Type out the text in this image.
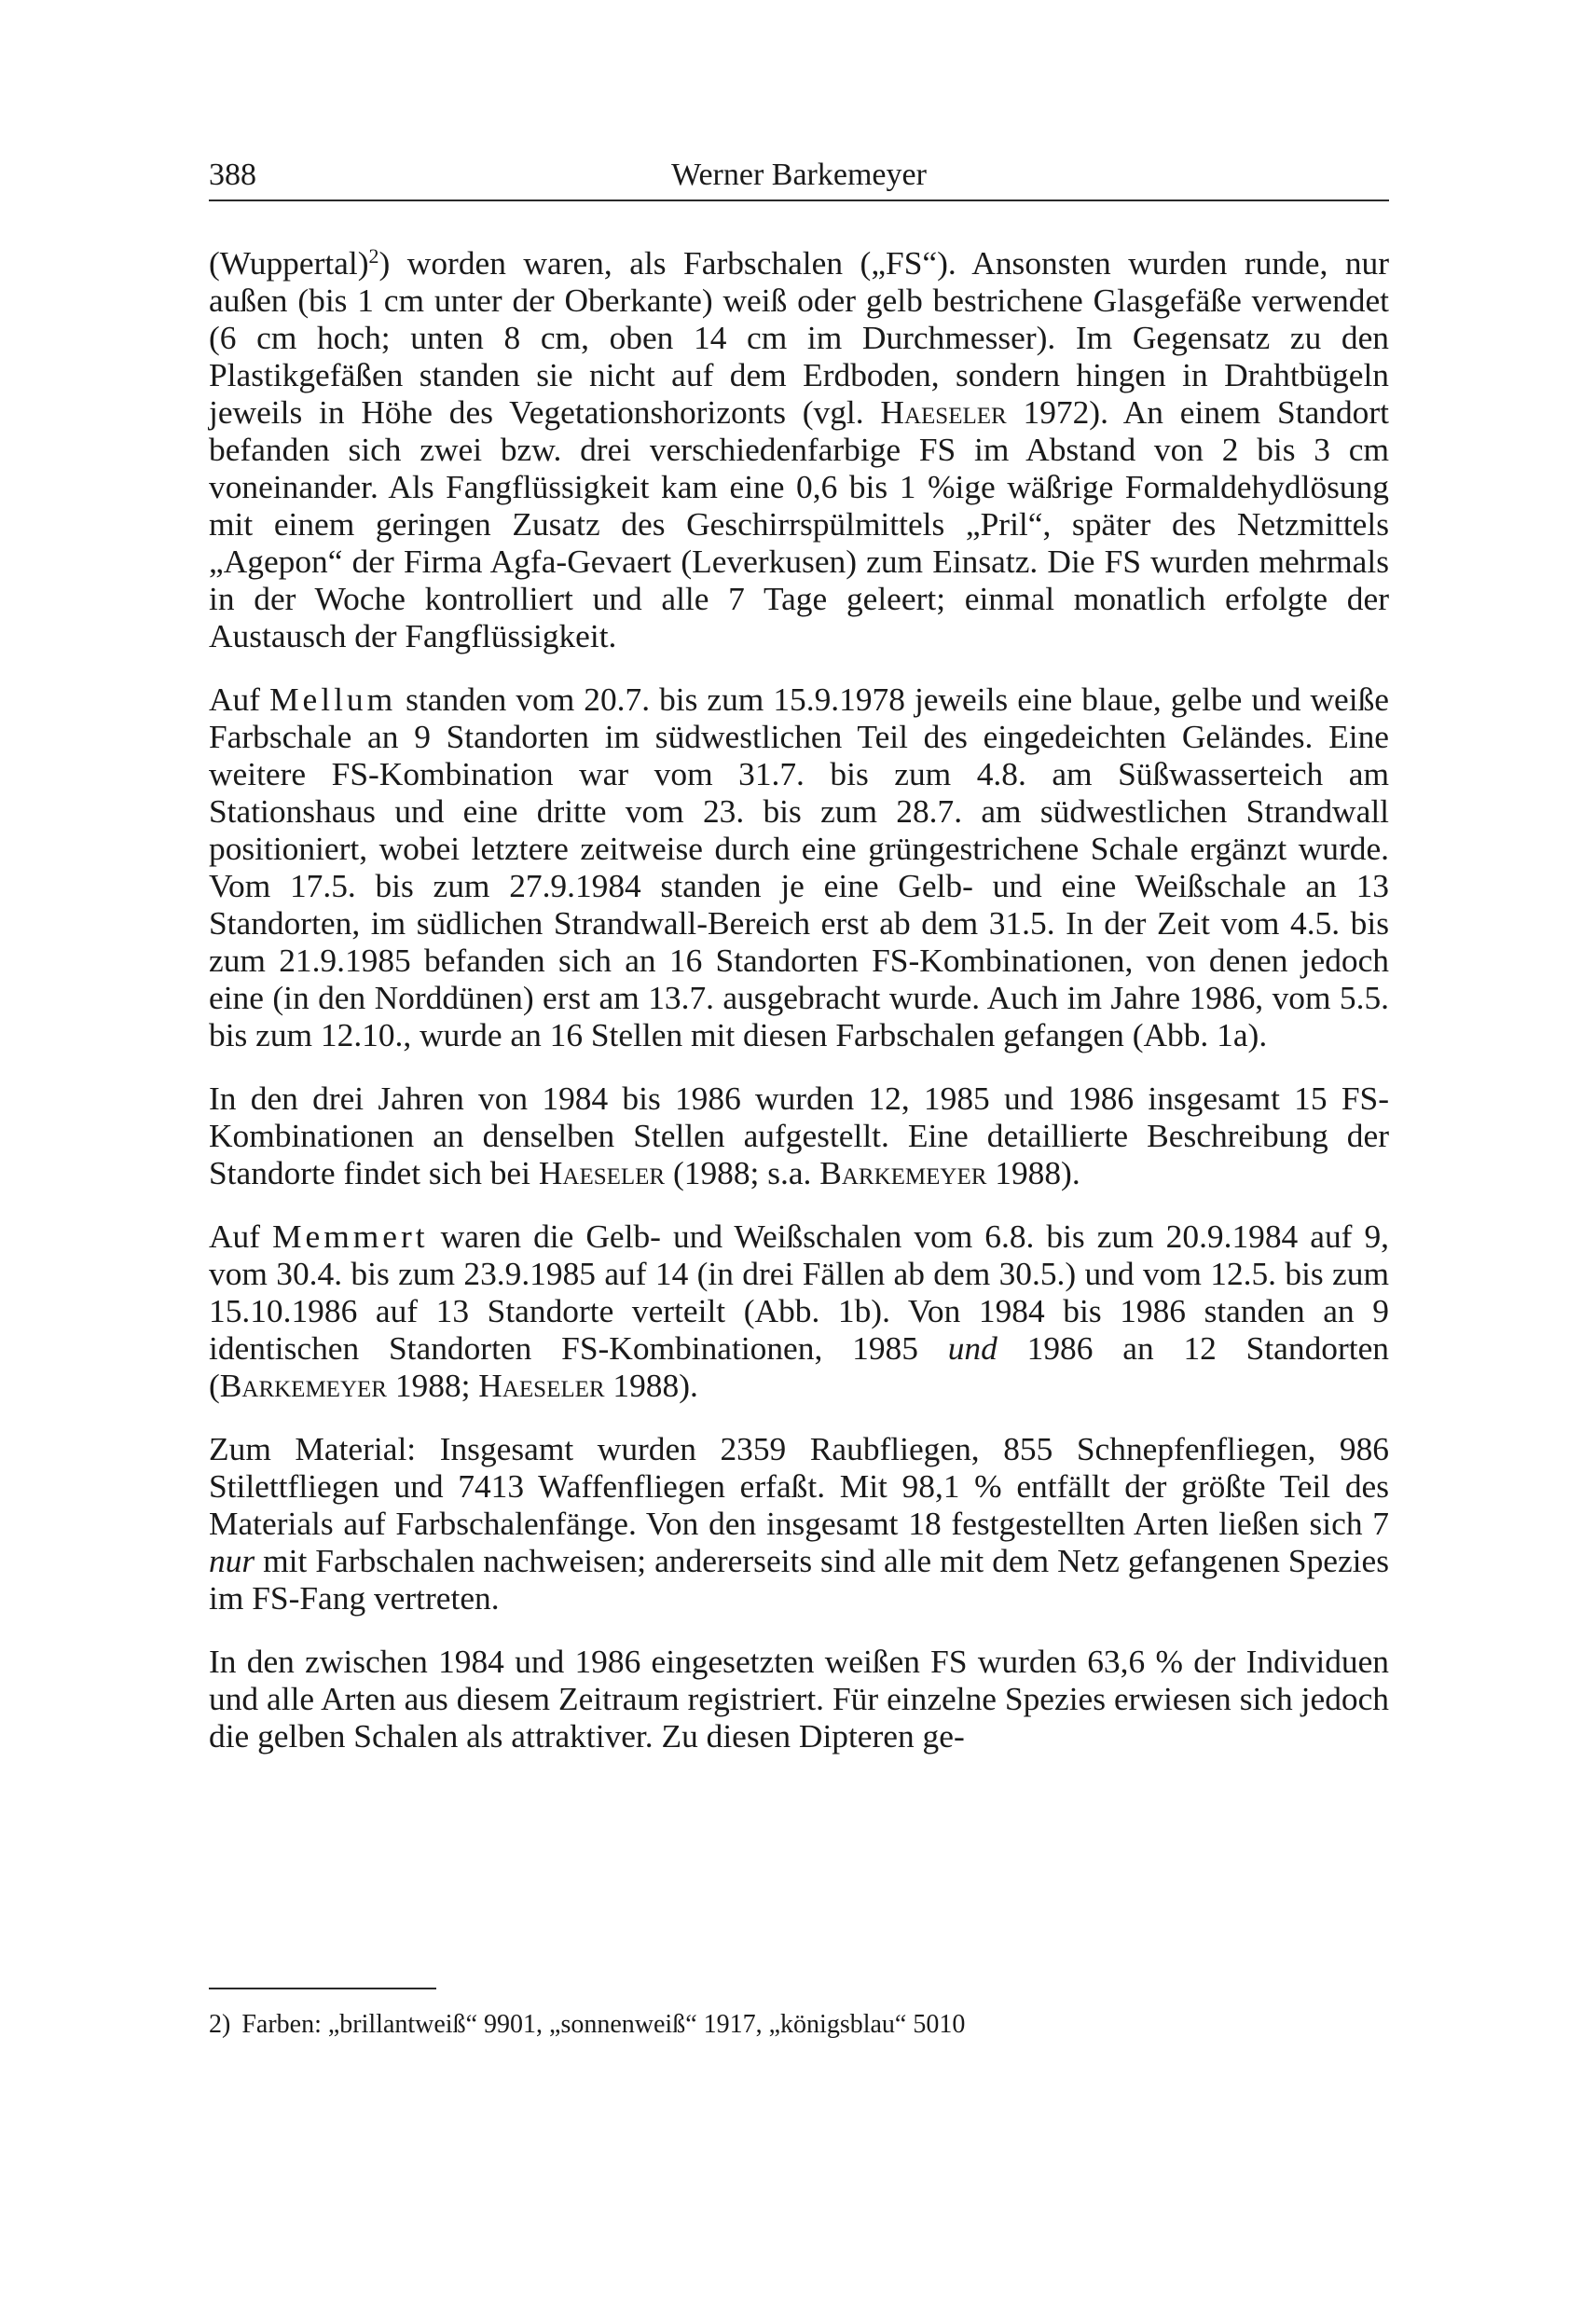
388	Werner Barkemeyer

(Wuppertal)$^2$) worden waren, als Farbschalen („FS“). Ansonsten wurden runde, nur außen (bis 1 cm unter der Oberkante) weiß oder gelb bestrichene Glasgefäße verwendet (6 cm hoch; unten 8 cm, oben 14 cm im Durchmesser). Im Gegensatz zu den Plastikgefäßen standen sie nicht auf dem Erdboden, sondern hingen in Drahtbügeln jeweils in Höhe des Vegetationshorizonts (vgl. Haeseler 1972). An einem Standort befanden sich zwei bzw. drei verschiedenfarbige FS im Abstand von 2 bis 3 cm voneinander. Als Fangflüssigkeit kam eine 0,6 bis 1 %ige wäßrige Formaldehydlösung mit einem geringen Zusatz des Geschirrspülmittels „Pril“, später des Netzmittels „Agepon“ der Firma Agfa-Gevaert (Leverkusen) zum Einsatz. Die FS wurden mehrmals in der Woche kontrolliert und alle 7 Tage geleert; einmal monatlich erfolgte der Austausch der Fangflüssigkeit.

Auf Mellum standen vom 20.7. bis zum 15.9.1978 jeweils eine blaue, gelbe und weiße Farbschale an 9 Standorten im südwestlichen Teil des eingedeichten Geländes. Eine weitere FS-Kombination war vom 31.7. bis zum 4.8. am Süßwasserteich am Stationshaus und eine dritte vom 23. bis zum 28.7. am südwestlichen Strandwall positioniert, wobei letztere zeitweise durch eine grüngestrichene Schale ergänzt wurde. Vom 17.5. bis zum 27.9.1984 standen je eine Gelb- und eine Weißschale an 13 Standorten, im südlichen Strandwall-Bereich erst ab dem 31.5. In der Zeit vom 4.5. bis zum 21.9.1985 befanden sich an 16 Standorten FS-Kombinationen, von denen jedoch eine (in den Norddünen) erst am 13.7. ausgebracht wurde. Auch im Jahre 1986, vom 5.5. bis zum 12.10., wurde an 16 Stellen mit diesen Farbschalen gefangen (Abb. 1a).

In den drei Jahren von 1984 bis 1986 wurden 12, 1985 und 1986 insgesamt 15 FS-Kombinationen an denselben Stellen aufgestellt. Eine detaillierte Beschreibung der Standorte findet sich bei Haeseler (1988; s.a. Barkemeyer 1988).

Auf Memmert waren die Gelb- und Weißschalen vom 6.8. bis zum 20.9.1984 auf 9, vom 30.4. bis zum 23.9.1985 auf 14 (in drei Fällen ab dem 30.5.) und vom 12.5. bis zum 15.10.1986 auf 13 Standorte verteilt (Abb. 1b). Von 1984 bis 1986 standen an 9 identischen Standorten FS-Kombinationen, 1985 und 1986 an 12 Standorten (Barkemeyer 1988; Haeseler 1988).

Zum Material: Insgesamt wurden 2359 Raubfliegen, 855 Schnepfenfliegen, 986 Stilettfliegen und 7413 Waffenfliegen erfaßt. Mit 98,1 % entfällt der größte Teil des Materials auf Farbschalenfänge. Von den insgesamt 18 festgestellten Arten ließen sich 7 nur mit Farbschalen nachweisen; andererseits sind alle mit dem Netz gefangenen Spezies im FS-Fang vertreten.

In den zwischen 1984 und 1986 eingesetzten weißen FS wurden 63,6 % der Individuen und alle Arten aus diesem Zeitraum registriert. Für einzelne Spezies erwiesen sich jedoch die gelben Schalen als attraktiver. Zu diesen Dipteren ge-

2) Farben: „brillantweiß“ 9901, „sonnenweiß“ 1917, „königsblau“ 5010
